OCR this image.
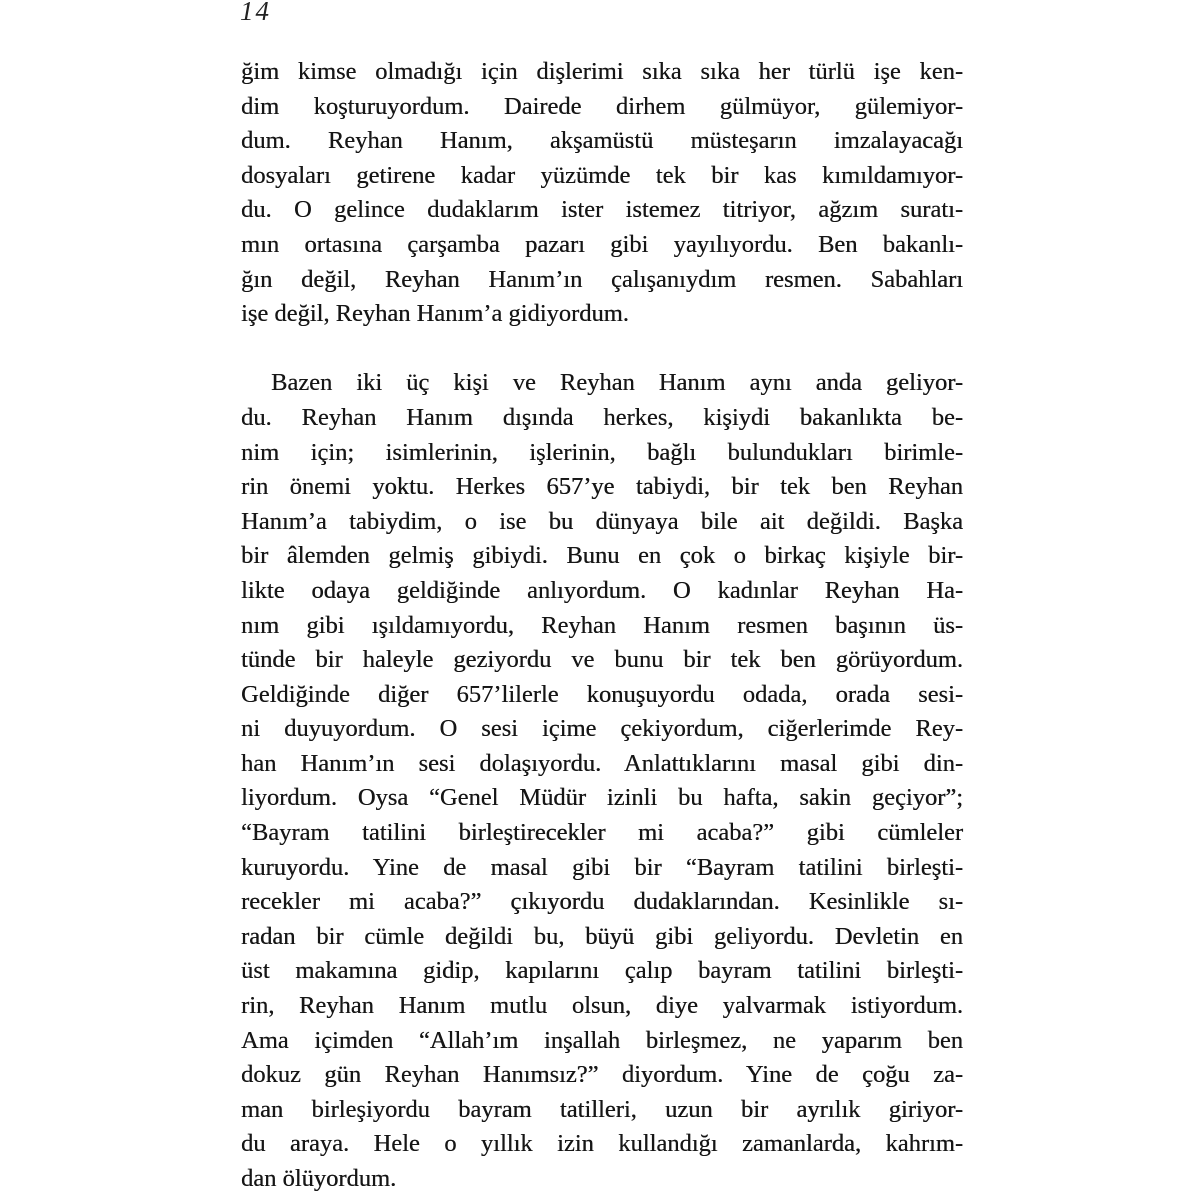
14
ğim kimse olmadığı için dişlerimi sıka sıka her türlü işe ken-
dim koşturuyordum. Dairede dirhem gülmüyor, gülemiyor-
dum. Reyhan Hanım, akşamüstü müsteşarın imzalayacağı
dosyaları getirene kadar yüzümde tek bir kas kımıldamıyor-
du. O gelince dudaklarım ister istemez titriyor, ağzım suratı-
mın ortasına çarşamba pazarı gibi yayılıyordu. Ben bakanlı-
ğın değil, Reyhan Hanım’ın çalışanıydım resmen. Sabahları
işe değil, Reyhan Hanım’a gidiyordum.
Bazen iki üç kişi ve Reyhan Hanım aynı anda geliyor-
du. Reyhan Hanım dışında herkes, kişiydi bakanlıkta be-
nim için; isimlerinin, işlerinin, bağlı bulundukları birimle-
rin önemi yoktu. Herkes 657’ye tabiydi, bir tek ben Reyhan
Hanım’a tabiydim, o ise bu dünyaya bile ait değildi. Başka
bir âlemden gelmiş gibiydi. Bunu en çok o birkaç kişiyle bir-
likte odaya geldiğinde anlıyordum. O kadınlar Reyhan Ha-
nım gibi ışıldamıyordu, Reyhan Hanım resmen başının üs-
tünde bir haleyle geziyordu ve bunu bir tek ben görüyordum.
Geldiğinde diğer 657’lilerle konuşuyordu odada, orada sesi-
ni duyuyordum. O sesi içime çekiyordum, ciğerlerimde Rey-
han Hanım’ın sesi dolaşıyordu. Anlattıklarını masal gibi din-
liyordum. Oysa “Genel Müdür izinli bu hafta, sakin geçiyor”;
“Bayram tatilini birleştirecekler mi acaba?” gibi cümleler
kuruyordu. Yine de masal gibi bir “Bayram tatilini birleşti-
recekler mi acaba?” çıkıyordu dudaklarından. Kesinlikle sı-
radan bir cümle değildi bu, büyü gibi geliyordu. Devletin en
üst makamına gidip, kapılarını çalıp bayram tatilini birleşti-
rin, Reyhan Hanım mutlu olsun, diye yalvarmak istiyordum.
Ama içimden “Allah’ım inşallah birleşmez, ne yaparım ben
dokuz gün Reyhan Hanımsız?” diyordum. Yine de çoğu za-
man birleşiyordu bayram tatilleri, uzun bir ayrılık giriyor-
du araya. Hele o yıllık izin kullandığı zamanlarda, kahrım-
dan ölüyordum.
